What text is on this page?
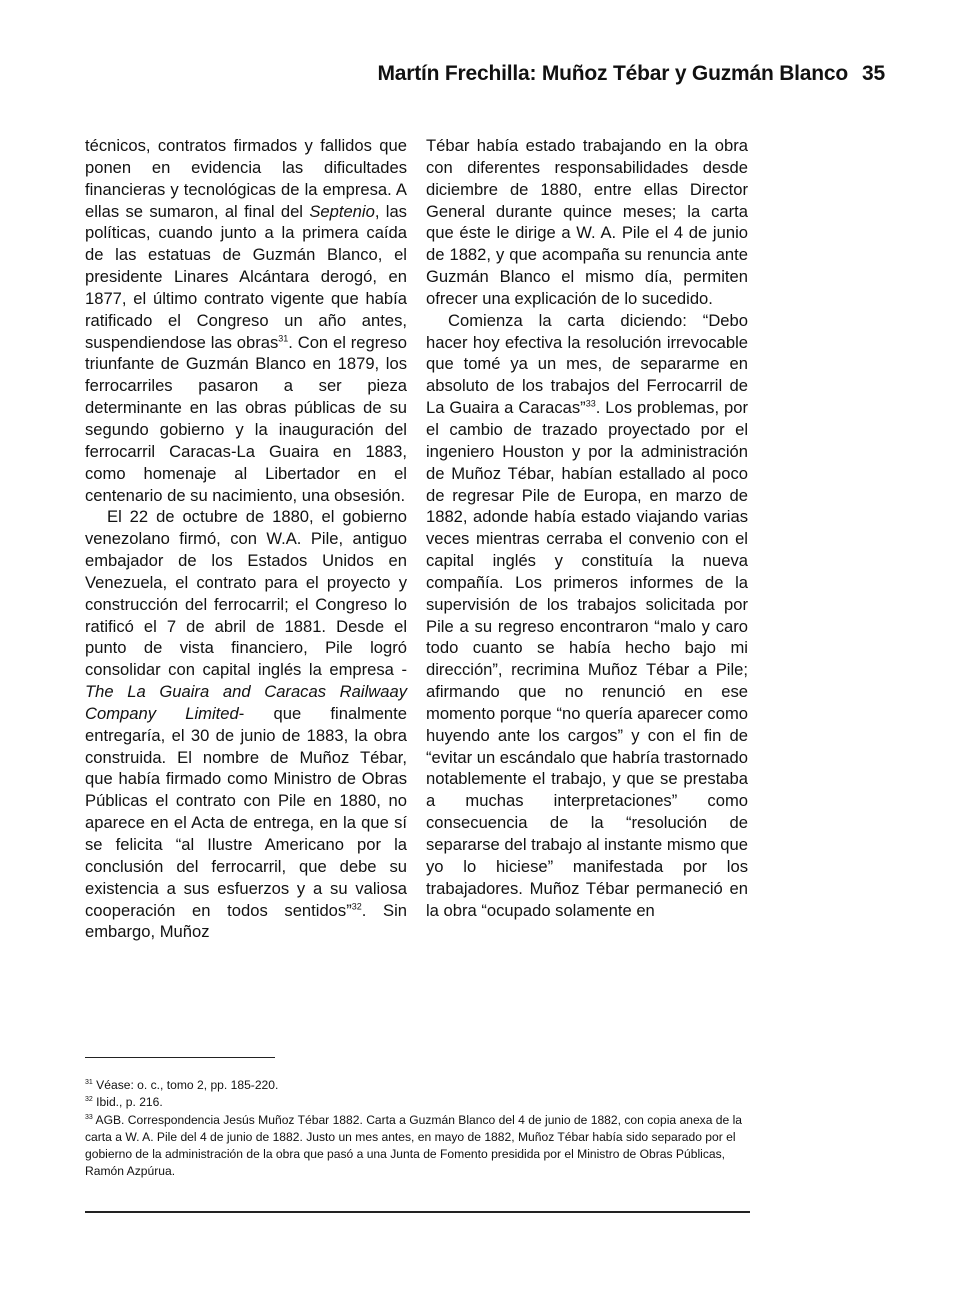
Martín Frechilla: Muñoz Tébar y Guzmán Blanco 35

técnicos, contratos firmados y fallidos que ponen en evidencia las dificultades financieras y tecnológicas de la empresa. A ellas se sumaron, al final del Septenio, las políticas, cuando junto a la primera caída de las estatuas de Guzmán Blanco, el presidente Linares Alcántara derogó, en 1877, el último contrato vigente que había ratificado el Congreso un año antes, suspendiendose las obras$^{31}$. Con el regreso triunfante de Guzmán Blanco en 1879, los ferrocarriles pasaron a ser pieza determinante en las obras públicas de su segundo gobierno y la inauguración del ferrocarril Caracas-La Guaira en 1883, como homenaje al Libertador en el centenario de su nacimiento, una obsesión.

El 22 de octubre de 1880, el gobierno venezolano firmó, con W.A. Pile, antiguo embajador de los Estados Unidos en Venezuela, el contrato para el proyecto y construcción del ferrocarril; el Congreso lo ratificó el 7 de abril de 1881. Desde el punto de vista financiero, Pile logró consolidar con capital inglés la empresa -The La Guaira and Caracas Railwaay Company Limited- que finalmente entregaría, el 30 de junio de 1883, la obra construida. El nombre de Muñoz Tébar, que había firmado como Ministro de Obras Públicas el contrato con Pile en 1880, no aparece en el Acta de entrega, en la que sí se felicita “al Ilustre Americano por la conclusión del ferrocarril, que debe su existencia a sus esfuerzos y a su valiosa cooperación en todos sentidos”$^{32}$. Sin embargo, Muñoz

Tébar había estado trabajando en la obra con diferentes responsabilidades desde diciembre de 1880, entre ellas Director General durante quince meses; la carta que éste le dirige a W. A. Pile el 4 de junio de 1882, y que acompaña su renuncia ante Guzmán Blanco el mismo día, permiten ofrecer una explicación de lo sucedido.

Comienza la carta diciendo: “Debo hacer hoy efectiva la resolución irrevocable que tomé ya un mes, de separarme en absoluto de los trabajos del Ferrocarril de La Guaira a Caracas”$^{33}$. Los problemas, por el cambio de trazado proyectado por el ingeniero Houston y por la administración de Muñoz Tébar, habían estallado al poco de regresar Pile de Europa, en marzo de 1882, adonde había estado viajando varias veces mientras cerraba el convenio con el capital inglés y constituía la nueva compañía. Los primeros informes de la supervisión de los trabajos solicitada por Pile a su regreso encontraron “malo y caro todo cuanto se había hecho bajo mi dirección”, recrimina Muñoz Tébar a Pile; afirmando que no renunció en ese momento porque “no quería aparecer como huyendo ante los cargos” y con el fin de “evitar un escándalo que habría trastornado notablemente el trabajo, y que se prestaba a muchas interpretaciones” como consecuencia de la “resolución de separarse del trabajo al instante mismo que yo lo hiciese” manifestada por los trabajadores. Muñoz Tébar permaneció en la obra “ocupado solamente en

$^{31}$ Véase: o. c., tomo 2, pp. 185-220.

$^{32}$ Ibid., p. 216.

$^{33}$ AGB. Correspondencia Jesús Muñoz Tébar 1882. Carta a Guzmán Blanco del 4 de junio de 1882, con copia anexa de la carta a W. A. Pile del 4 de junio de 1882. Justo un mes antes, en mayo de 1882, Muñoz Tébar había sido separado por el gobierno de la administración de la obra que pasó a una Junta de Fomento presidida por el Ministro de Obras Públicas, Ramón Azpúrua.
